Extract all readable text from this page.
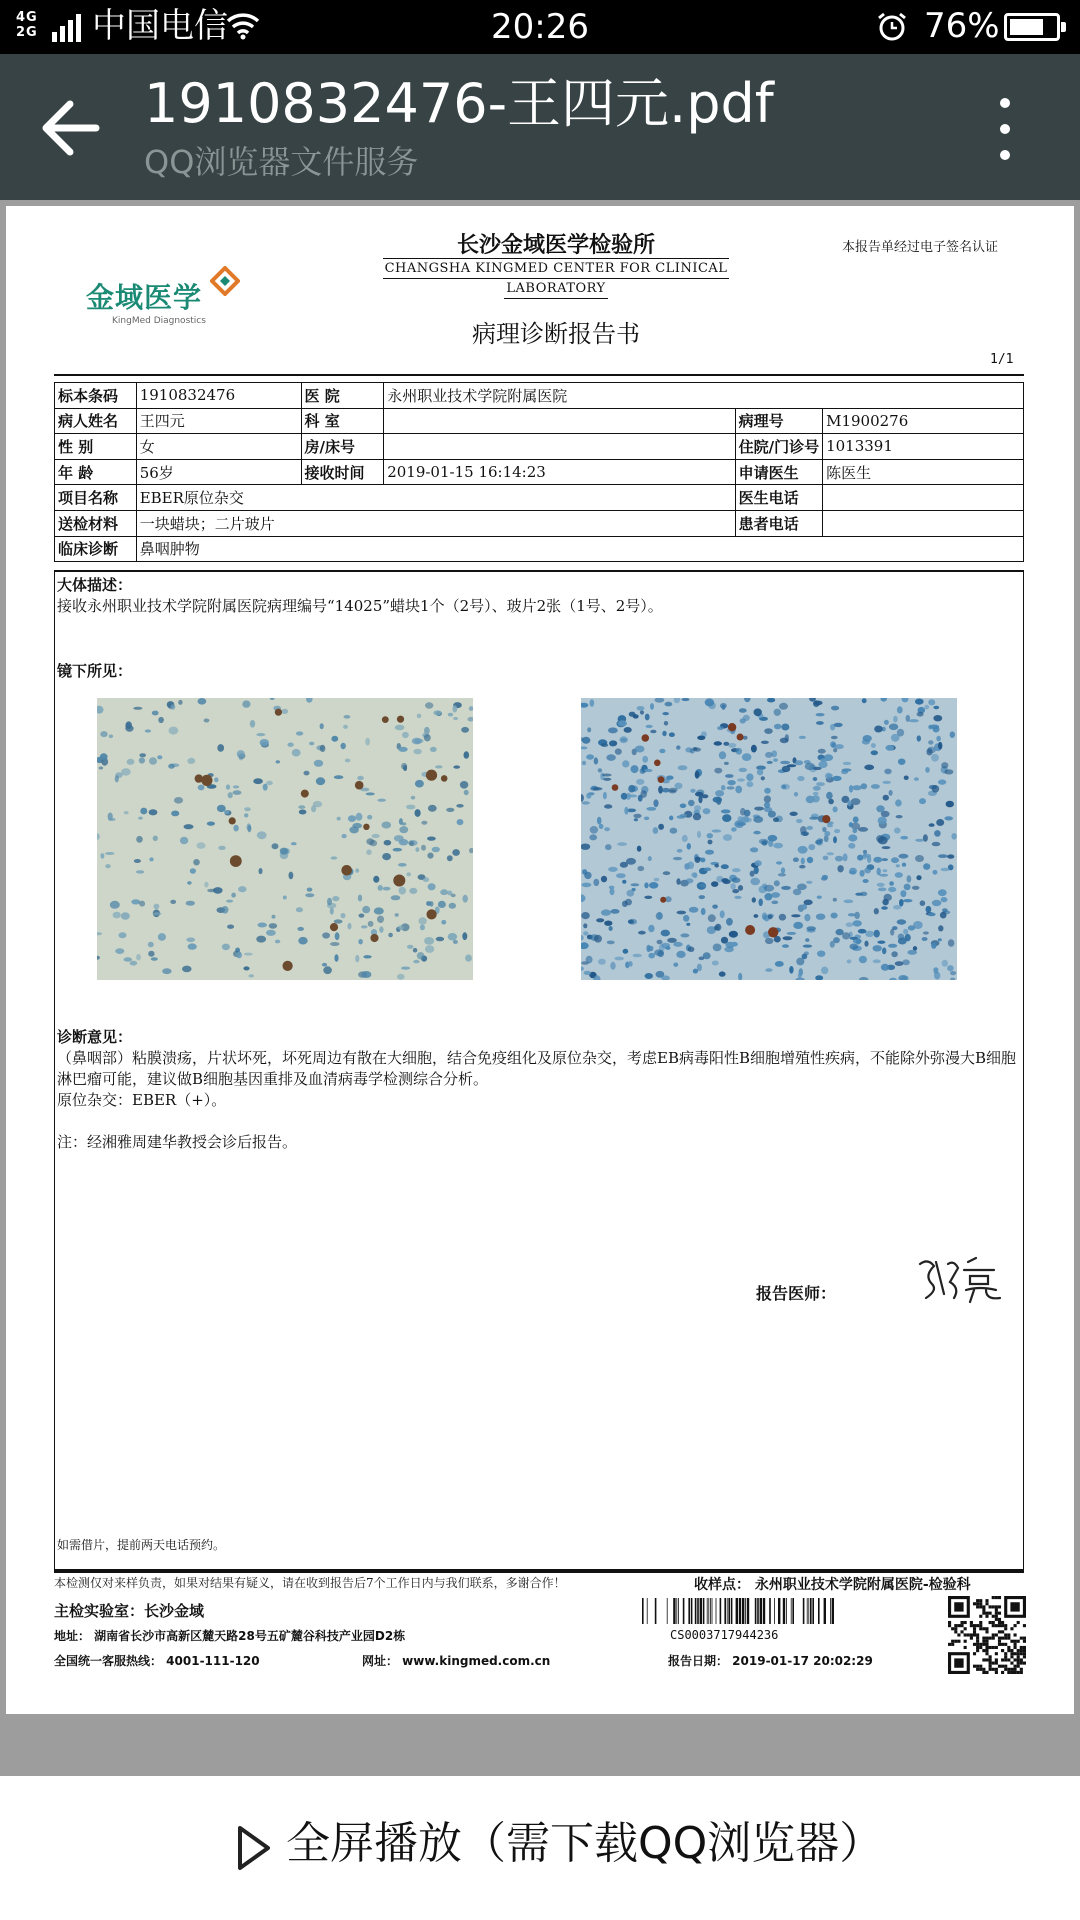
4G
2G 中国电信	20:26	76%
1910832476-王四元.pdf
QQ浏览器文件服务
金域医学
KingMed Diagnostics
长沙金域医学检验所
CHANGSHA KINGMED CENTER FOR CLINICAL
LABORATORY
病理诊断报告书
本报告单经过电子签名认证
1/1
标本条码	1910832476	医 院	永州职业技术学院附属医院		
病人姓名	王四元	科 室		病理号	M1900276
性 别	女	房/床号		住院/门诊号	1013391
年 龄	56岁	接收时间	2019-01-15 16:14:23	申请医生	陈医生
项目名称	EBER原位杂交			医生电话	
送检材料	一块蜡块；二片玻片			患者电话	
临床诊断	鼻咽肿物				
大体描述：
接收永州职业技术学院附属医院病理编号“14025”蜡块1个（2号）、玻片2张（1号、2号）。
镜下所见：
诊断意见：
（鼻咽部）粘膜溃疡，片状坏死，坏死周边有散在大细胞，结合免疫组化及原位杂交，考虑EB病毒阳性B细胞增殖性疾病，不能除外弥漫大B细胞淋巴瘤可能，建议做B细胞基因重排及血清病毒学检测综合分析。
原位杂交：EBER（+）。
注：经湘雅周建华教授会诊后报告。
如需借片，提前两天电话预约。
报告医师：
本检测仅对来样负责，如果对结果有疑义，请在收到报告后7个工作日内与我们联系，多谢合作！	收样点： 永州职业技术学院附属医院-检验科
主检实验室：长沙金域
地址： 湖南省长沙市高新区麓天路28号五矿麓谷科技产业园D2栋
全国统一客服热线： 4001-111-120	网址： www.kingmed.com.cn	报告日期： 2019-01-17 20:02:29
CS0003717944236
全屏播放（需下载QQ浏览器）
